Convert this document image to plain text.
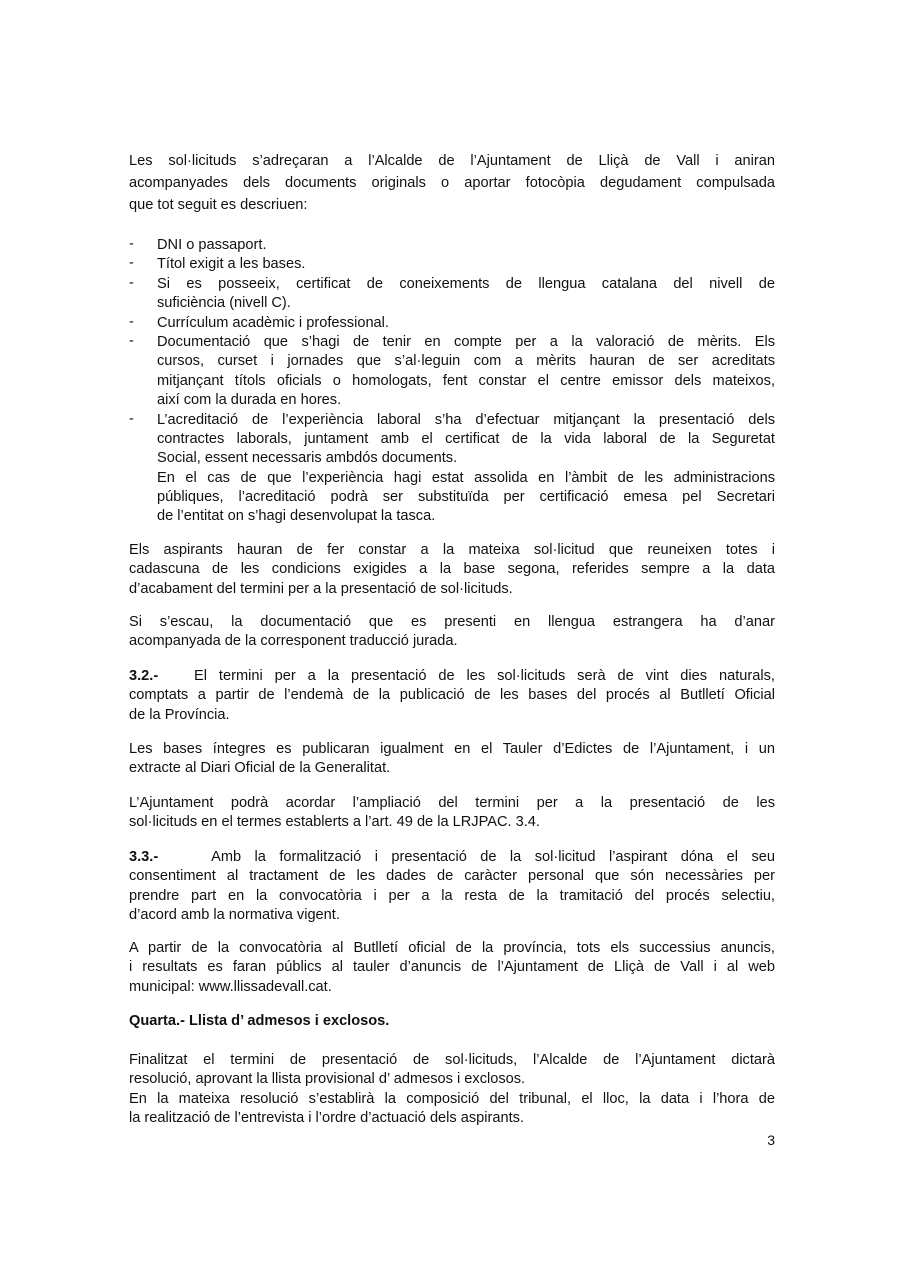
Les sol·licituds s’adreçaran a l’Alcalde de l’Ajuntament de Lliçà de Vall i aniran
acompanyades dels documents originals o aportar fotocòpia degudament compulsada
que tot seguit es descriuen:
- DNI o passaport.
- Títol exigit a les bases.
- Si es posseeix, certificat de coneixements de llengua catalana del nivell de
suficiència (nivell C).
- Currículum acadèmic i professional.
- Documentació que s’hagi de tenir en compte per a la valoració de mèrits. Els
cursos, curset i jornades que s’al·leguin com a mèrits hauran de ser acreditats
mitjançant títols oficials o homologats, fent constar el centre emissor dels mateixos,
així com la durada en hores.
- L’acreditació de l’experiència laboral s’ha d’efectuar mitjançant la presentació dels
contractes laborals, juntament amb el certificat de la vida laboral de la Seguretat
Social, essent necessaris ambdós documents.
En el cas de que l’experiència hagi estat assolida en l’àmbit de les administracions
públiques, l’acreditació podrà ser substituïda per certificació emesa pel Secretari
de l’entitat on s’hagi desenvolupat la tasca.
Els aspirants hauran de fer constar a la mateixa sol·licitud que reuneixen totes i
cadascuna de les condicions exigides a la base segona, referides sempre a la data
d’acabament del termini per a la presentació de sol·licituds.
Si s’escau, la documentació que es presenti en llengua estrangera ha d’anar
acompanyada de la corresponent traducció jurada.
3.2.- El termini per a la presentació de les sol·licituds serà de vint dies naturals,
comptats a partir de l’endemà de la publicació de les bases del procés al Butlletí Oficial
de la Província.
Les bases íntegres es publicaran igualment en el Tauler d’Edictes de l’Ajuntament, i un
extracte al Diari Oficial de la Generalitat.
L’Ajuntament podrà acordar l’ampliació del termini per a la presentació de les
sol·licituds en el termes establerts a l’art. 49 de la LRJPAC. 3.4.
3.3.-	Amb la formalització i presentació de la sol·licitud l’aspirant dóna el seu
consentiment al tractament de les dades de caràcter personal que són necessàries per
prendre part en la convocatòria i per a la resta de la tramitació del procés selectiu,
d’acord amb la normativa vigent.
A partir de la convocatòria al Butlletí oficial de la província, tots els successius anuncis,
i resultats es faran públics al tauler d’anuncis de l’Ajuntament de Lliçà de Vall i al web
municipal: www.llissadevall.cat.
Quarta.- Llista d’ admesos i exclosos.
Finalitzat el termini de presentació de sol·licituds, l’Alcalde de l’Ajuntament dictarà
resolució, aprovant la llista provisional d’ admesos i exclosos.
En la mateixa resolució s’establirà la composició del tribunal, el lloc, la data i l’hora de
la realització de l’entrevista i l’ordre d’actuació dels aspirants.
3
